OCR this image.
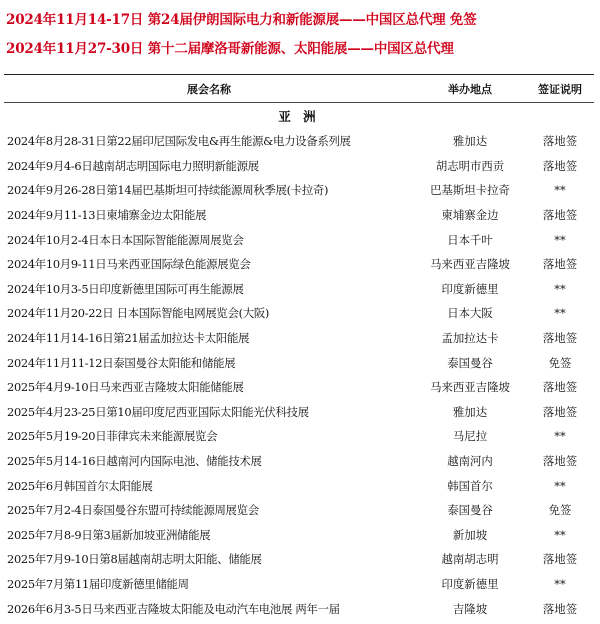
2024年11月14-17日 第24届伊朗国际电力和新能源展——中国区总代理 免签
2024年11月27-30日 第十二届摩洛哥新能源、太阳能展——中国区总代理
展会名称	举办地点	签证说明
亚 洲		
2024年8月28-31日第22届印尼国际发电&再生能源&电力设备系列展	雅加达	落地签
2024年9月4-6日越南胡志明国际电力照明新能源展	胡志明市西贡	落地签
2024年9月26-28日第14届巴基斯坦可持续能源周秋季展(卡拉奇)	巴基斯坦卡拉奇	**
2024年9月11-13日柬埔寨金边太阳能展	柬埔寨金边	落地签
2024年10月2-4日本日本国际智能能源周展览会	日本千叶	**
2024年10月9-11日马来西亚国际绿色能源展览会	马来西亚吉隆坡	落地签
2024年10月3-5日印度新德里国际可再生能源展	印度新德里	**
2024年11月20-22日 日本国际智能电网展览会(大阪)	日本大阪	**
2024年11月14-16日第21届孟加拉达卡太阳能展	孟加拉达卡	落地签
2024年11月11-12日泰国曼谷太阳能和储能展	泰国曼谷	免签
2025年4月9-10日马来西亚吉隆坡太阳能储能展	马来西亚吉隆坡	落地签
2025年4月23-25日第10届印度尼西亚国际太阳能光伏科技展	雅加达	落地签
2025年5月19-20日菲律宾未来能源展览会	马尼拉	**
2025年5月14-16日越南河内国际电池、储能技术展	越南河内	落地签
2025年6月韩国首尔太阳能展	韩国首尔	**
2025年7月2-4日泰国曼谷东盟可持续能源周展览会	泰国曼谷	免签
2025年7月8-9日第3届新加坡亚洲储能展	新加坡	**
2025年7月9-10日第8届越南胡志明太阳能、储能展	越南胡志明	落地签
2025年7月第11届印度新德里储能周	印度新德里	**
2026年6月3-5日马来西亚吉隆坡太阳能及电动汽车电池展 两年一届	吉隆坡	落地签
